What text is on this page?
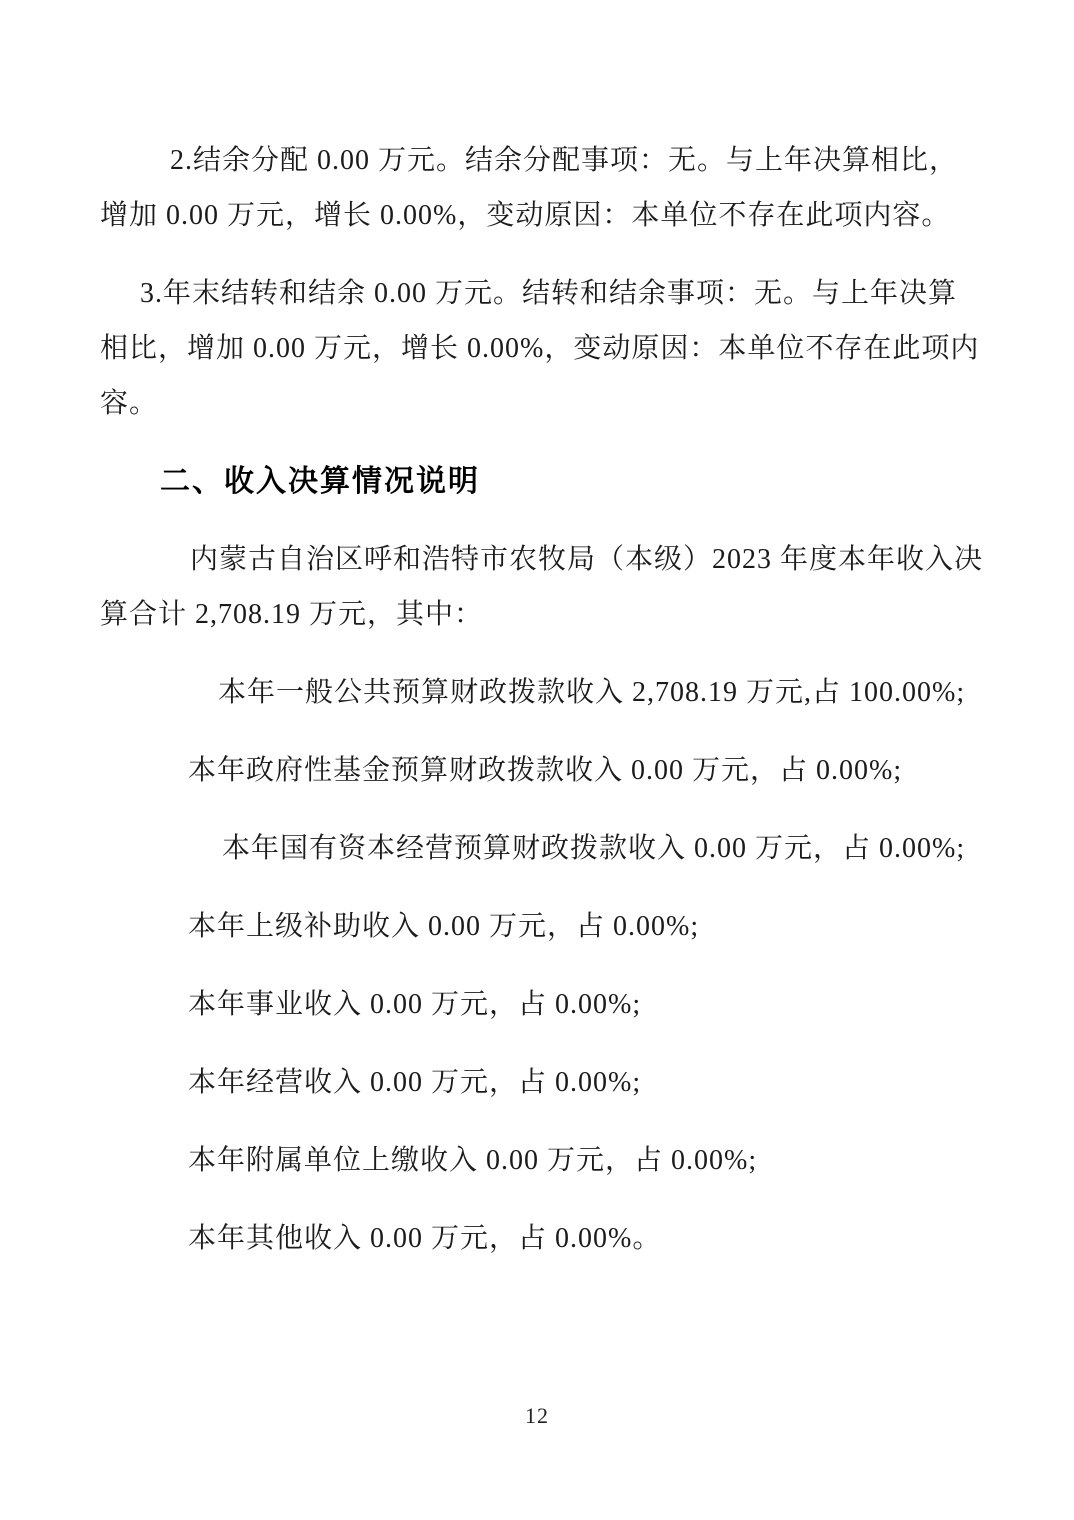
2.结余分配 0.00 万元。结余分配事项：无。与上年决算相比，
增加 0.00 万元，增长 0.00%，变动原因：本单位不存在此项内容。

3.年末结转和结余 0.00 万元。结转和结余事项：无。与上年决算
相比，增加 0.00 万元，增长 0.00%，变动原因：本单位不存在此项内
容。

二、收入决算情况说明

内蒙古自治区呼和浩特市农牧局（本级）2023 年度本年收入决
算合计 2,708.19 万元，其中：

本年一般公共预算财政拨款收入 2,708.19 万元,占 100.00%;

本年政府性基金预算财政拨款收入 0.00 万元，占 0.00%;

本年国有资本经营预算财政拨款收入 0.00 万元，占 0.00%;

本年上级补助收入 0.00 万元，占 0.00%;

本年事业收入 0.00 万元，占 0.00%;

本年经营收入 0.00 万元，占 0.00%;

本年附属单位上缴收入 0.00 万元，占 0.00%;

本年其他收入 0.00 万元，占 0.00%。

12
